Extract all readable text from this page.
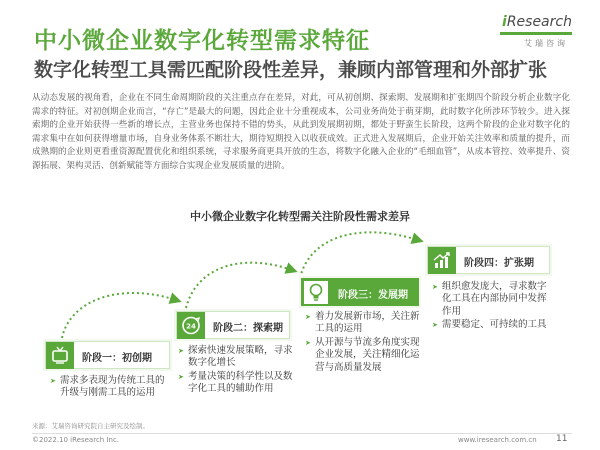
中小微企业数字化转型需求特征
数字化转型工具需匹配阶段性差异，兼顾内部管理和外部扩张
iResearch
艾瑞咨询
从动态发展的视角看，企业在不同生命周期阶段的关注重点存在差异，对此，可从初创期、探索期、发展期和扩张期四个阶段分析企业数字化需求的特征。对初创期企业而言，“存亡”是最大的问题，因此企业十分重视成本，公司业务尚处于萌芽期，此时数字化所涉环节较少。进入探索期的企业开始获得一些新的增长点，主营业务也保持不错的势头，从此到发展期初期，都处于野蛮生长阶段，这两个阶段的企业对数字化的需求集中在如何获得增量市场，自身业务体系不断壮大，期待短期投入以收获成效。正式进入发展期后，企业开始关注效率和质量的提升，而成熟期的企业则更看重资源配置优化和组织系统，寻求服务商更具开放的生态，将数字化融入企业的“毛细血管”，从成本管控、效率提升、资源拓展、架构灵活、创新赋能等方面综合实现企业发展质量的进阶。
中小微企业数字化转型需关注阶段性需求差异
阶段一：初创期
➤ 需求多表现为传统工具的升级与刚需工具的运用
24 阶段二：探索期
➤ 探索快速发展策略，寻求数字化增长
➤ 考量决策的科学性以及数字化工具的辅助作用
阶段三：发展期
➤ 着力发展新市场，关注新工具的运用
➤ 从开源与节流多角度实现企业发展，关注精细化运营与高质量发展
阶段四：扩张期
➤ 组织愈发庞大，寻求数字化工具在内部协同中发挥作用
➤ 需要稳定、可持续的工具
来源：艾瑞咨询研究院自主研究及绘制。
©2022.10 iResearch Inc.	www.iresearch.com.cn 11
